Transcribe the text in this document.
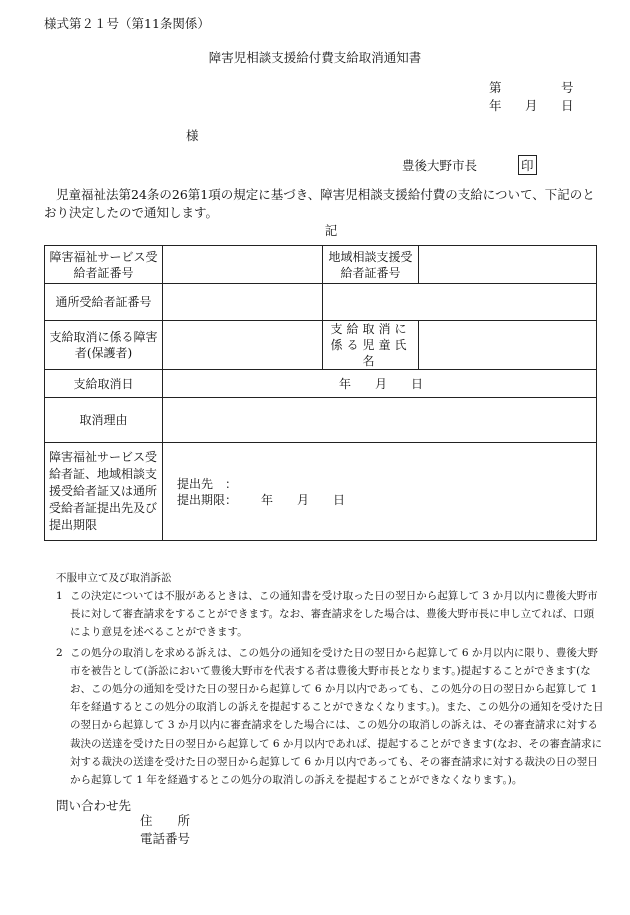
様式第２１号（第11条関係）
障害児相談支援給付費支給取消通知書
第	号
年 月 日
様
豊後大野市長	印
児童福祉法第24条の26第1項の規定に基づき、障害児相談支援給付費の支給について、下記のとおり決定したので通知します。
記
障害福祉サービス受給者証番号		地域相談支援受給者証番号	

通所受給者証番号		

支給取消に係る障害者(保護者)		支給取消に係る児童氏名	
支給取消日	年 月 日		
取消理由			
障害福祉サービス受給者証、地域相談支援受給者証又は通所受給者証提出先及び提出期限	提出先　：
提出期限： 年 月 日		
不服申立て及び取消訴訟
1 この決定については不服があるときは、この通知書を受け取った日の翌日から起算して 3 か月以内に豊後大野市長に対して審査請求をすることができます。なお、審査請求をした場合は、豊後大野市長に申し立てれば、口頭により意見を述べることができます。
2 この処分の取消しを求める訴えは、この処分の通知を受けた日の翌日から起算して 6 か月以内に限り、豊後大野市を被告として(訴訟において豊後大野市を代表する者は豊後大野市長となります。)提起することができます(なお、この処分の通知を受けた日の翌日から起算して 6 か月以内であっても、この処分の日の翌日から起算して 1 年を経過するとこの処分の取消しの訴えを提起することができなくなります。)。また、この処分の通知を受けた日の翌日から起算して 3 か月以内に審査請求をした場合には、この処分の取消しの訴えは、その審査請求に対する裁決の送達を受けた日の翌日から起算して 6 か月以内であれば、提起することができます(なお、その審査請求に対する裁決の送達を受けた日の翌日から起算して 6 か月以内であっても、その審査請求に対する裁決の日の翌日から起算して 1 年を経過するとこの処分の取消しの訴えを提起することができなくなります。)。
問い合わせ先
住　　所
電話番号
